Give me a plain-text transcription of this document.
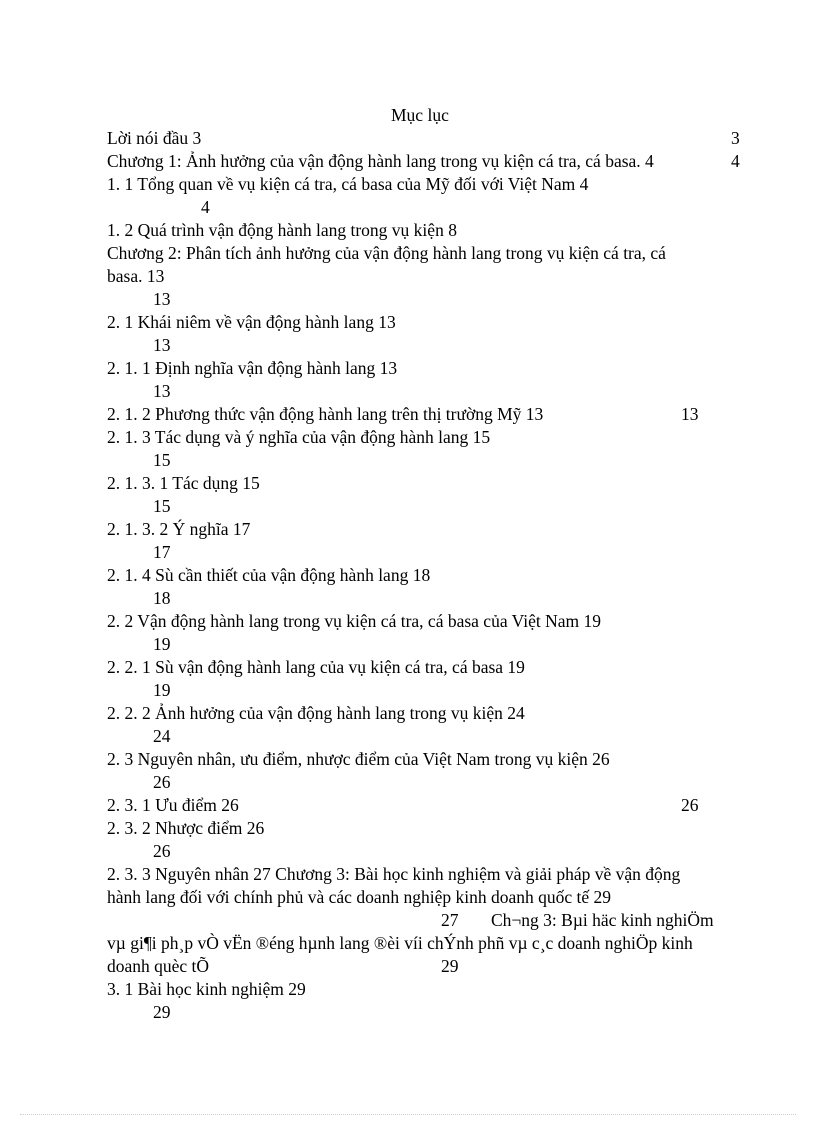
Mục lục
Lời nói đầu 3	3
Chương 1: Ảnh hưởng của vận động hành lang trong vụ kiện cá tra, cá basa. 4	4
1. 1 Tổng quan về vụ kiện cá tra, cá basa của Mỹ đối với Việt Nam 4
4
1. 2 Quá trình vận động hành lang trong vụ kiện 8
Chương 2: Phân tích ảnh hưởng của vận động hành lang trong vụ kiện cá tra, cá
basa. 13
13
2. 1 Khái niêm về vận động hành lang 13
13
2. 1. 1 Định nghĩa vận động hành lang 13
13
2. 1. 2 Phương thức vận động hành lang trên thị trường Mỹ 13	13
2. 1. 3 Tác dụng và ý nghĩa của vận động hành lang 15
15
2. 1. 3. 1 Tác dụng 15
15
2. 1. 3. 2 Ý nghĩa 17
17
2. 1. 4 Sù cần thiết của vận động hành lang 18
18
2. 2 Vận động hành lang trong vụ kiện cá tra, cá basa của Việt Nam 19
19
2. 2. 1 Sù vận động hành lang của vụ kiện cá tra, cá basa 19
19
2. 2. 2 Ảnh hưởng của vận động hành lang trong vụ kiện 24
24
2. 3 Nguyên nhân, ưu điểm, nhược điểm của Việt Nam trong vụ kiện 26
26
2. 3. 1 Ưu điểm 26	26
2. 3. 2 Nhược điểm 26
26
2. 3. 3 Nguyên nhân 27 Chương 3: Bài học kinh nghiệm và giải pháp về vận động
hành lang đối với chính phủ và các doanh nghiệp kinh doanh quốc tế 29
27 Ch¬ng 3: Bµi häc kinh nghiÖm
vµ gi¶i ph¸p vÒ vËn ®éng hµnh lang ®èi víi chÝnh phñ vµ c¸c doanh nghiÖp kinh
doanh quèc tÕ	29
3. 1 Bài học kinh nghiệm 29
29
